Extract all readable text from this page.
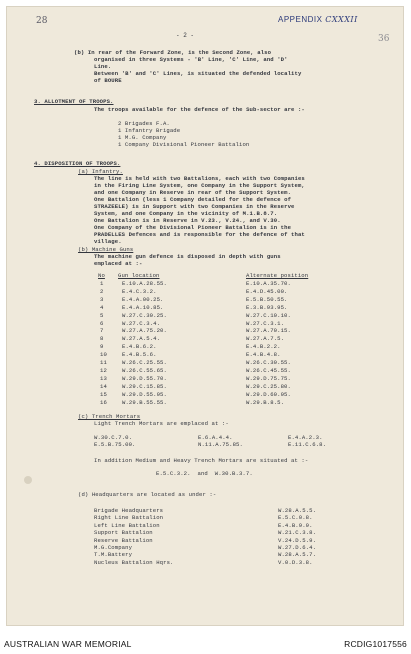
28	APPENDIX CXXXII
36
- 2 -
(b) In rear of the Forward Zone, is the Second Zone, also
organised in three Systems - 'B' Line, 'C' Line, and 'D'
Line.
Between 'B' and 'C' Lines, is situated the defended locality
of BOURE
3. ALLOTMENT OF TROOPS.
The troops available for the defence of the Sub-sector are :-
2 Brigades F.A.
1 Infantry Brigade
1 M.G. Company
1 Company Divisional Pioneer Battalion
4. DISPOSITION OF TROOPS.
(a) Infantry.
The line is held with two Battalions, each with two Companies
in the Firing Line System, one Company in the Support System,
and one Company in Reserve in rear of the Support System.
One Battalion (less 1 Company detailed for the defence of
STRAZEELE) is in Support with two Companies in the Reserve
System, and one Company in the vicinity of M.1.B.8.7.
One Battalion is in Reserve in V.23., V.24., and V.30.
One Company of the Divisional Pioneer Battalion is in the
PRADELLES Defences and is responsible for the defence of that
village.
(b) Machine Guns
The machine gun defence is disposed in depth with guns
emplaced at :-
No Gun location	Alternate position
1	E.10.A.28.55.	E.10.A.35.70.
2	E.4.C.3.2.	E.4.D.45.00.
3	E.4.A.00.25.	E.5.B.50.55.
4	E.4.A.10.85.	E.3.B.93.95.
5	W.27.C.30.25.	W.27.C.10.10.
6	W.27.C.3.4.	W.27.C.3.1.
7	W.27.A.75.20.	W.27.A.70.15.
8	W.27.A.5.4.	W.27.A.7.5.
9	E.4.B.6.2.	E.4.B.2.2.
10	E.4.B.5.6.	E.4.B.4.8.
11	W.26.C.25.55.	W.26.C.30.55.
12	W.26.C.55.65.	W.26.C.45.55.
13	W.29.D.55.70.	W.29.D.75.75.
14	W.29.C.15.85.	W.29.C.25.80.
15	W.29.D.55.95.	W.29.D.60.95.
16	W.29.B.55.55.	W.29.B.8.5.
(c) Trench Mortars
Light Trench Mortars are emplaced at :-
W.30.C.7.0.	E.6.A.4.4.	E.4.A.2.3.
E.5.B.75.00.	N.11.A.75.85.	E.11.C.6.8.
In addition Medium and Heavy Trench Mortars are situated at :-
E.5.C.3.2.  and  W.30.B.3.7.
(d) Headquarters are located as under :-
Brigade Headquarters	W.28.A.5.5.
Right Line Battalion	E.5.C.0.8.
Left Line Battalion	E.4.B.9.9.
Support Battalion	W.21.C.3.8.
Reserve Battalion	V.24.D.5.9.
M.G.Company	W.27.D.6.4.
T.M.Battery	W.28.A.5.7.
Nucleus Battalion Hqrs.	V.0.D.3.8.
AUSTRALIAN WAR MEMORIAL	RCDIG1017556
